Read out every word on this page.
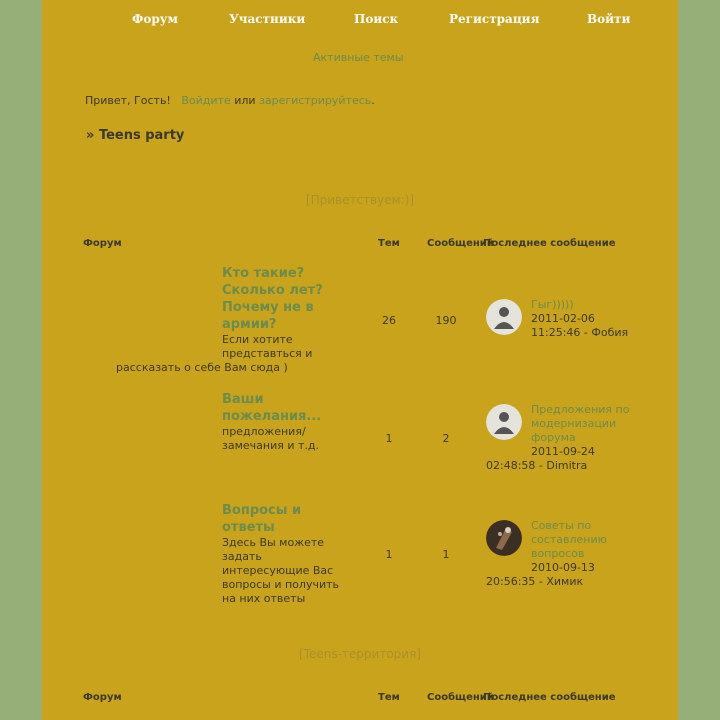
Форум	Участники	Поиск	Регистрация	Войти
Активные темы
Привет, Гость! Войдите или зарегистрируйтесь.
» Teens party
[Приветствуем:)]
Форум	Тем	Сообщений
Последнее сообщение
Кто такие? Сколько лет? Почему не в армии?
Если хотите представться и
рассказать о себе Вам сюда )
26	190
Гыг)))))
2011-02-06 11:25:46 - Фобия
Ваши пожелания...
предложения/ замечания и т.д.
1	2
Предложения по модернизации форума
2011-09-24
02:48:58 - Dimitra
Вопросы и ответы
Здесь Вы можете задать интересующие Вас вопросы и получить на них ответы
1	1
Советы по составлению вопросов
2010-09-13
20:56:35 - Химик
[Teens-территория]
Форум	Тем	Сообщений
Последнее сообщение
